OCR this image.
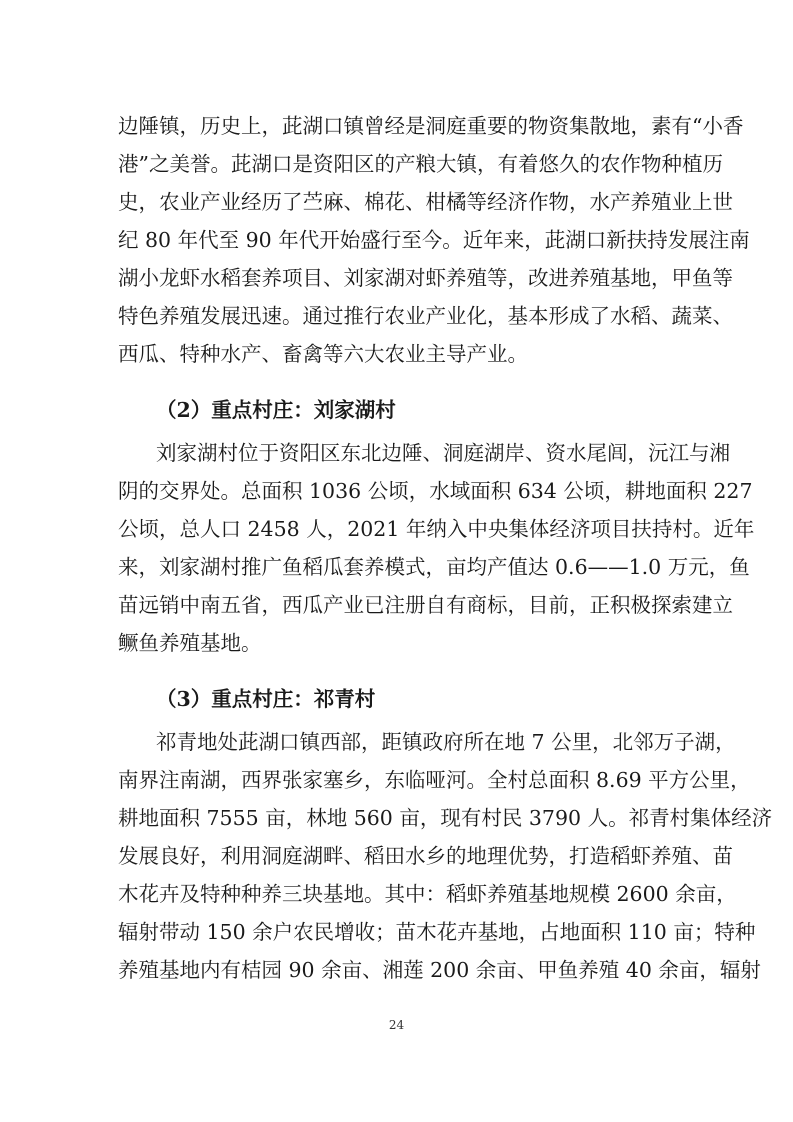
边陲镇，历史上，茈湖口镇曾经是洞庭重要的物资集散地，素有“小香
港”之美誉。茈湖口是资阳区的产粮大镇，有着悠久的农作物种植历
史，农业产业经历了苎麻、棉花、柑橘等经济作物，水产养殖业上世
纪 80 年代至 90 年代开始盛行至今。近年来，茈湖口新扶持发展注南
湖小龙虾水稻套养项目、刘家湖对虾养殖等，改进养殖基地，甲鱼等
特色养殖发展迅速。通过推行农业产业化，基本形成了水稻、蔬菜、
西瓜、特种水产、畜禽等六大农业主导产业。
（2）重点村庄：刘家湖村
刘家湖村位于资阳区东北边陲、洞庭湖岸、资水尾闾，沅江与湘
阴的交界处。总面积 1036 公顷，水域面积 634 公顷，耕地面积 227
公顷，总人口 2458 人，2021 年纳入中央集体经济项目扶持村。近年
来，刘家湖村推广鱼稻瓜套养模式，亩均产值达 0.6——1.0 万元，鱼
苗远销中南五省，西瓜产业已注册自有商标，目前，正积极探索建立
鳜鱼养殖基地。
（3）重点村庄：祁青村
祁青地处茈湖口镇西部，距镇政府所在地 7 公里，北邻万子湖，
南界注南湖，西界张家塞乡，东临哑河。全村总面积 8.69 平方公里，
耕地面积 7555 亩，林地 560 亩，现有村民 3790 人。祁青村集体经济
发展良好，利用洞庭湖畔、稻田水乡的地理优势，打造稻虾养殖、苗
木花卉及特种种养三块基地。其中：稻虾养殖基地规模 2600 余亩，
辐射带动 150 余户农民增收；苗木花卉基地，占地面积 110 亩；特种
养殖基地内有桔园 90 余亩、湘莲 200 余亩、甲鱼养殖 40 余亩，辐射
24
